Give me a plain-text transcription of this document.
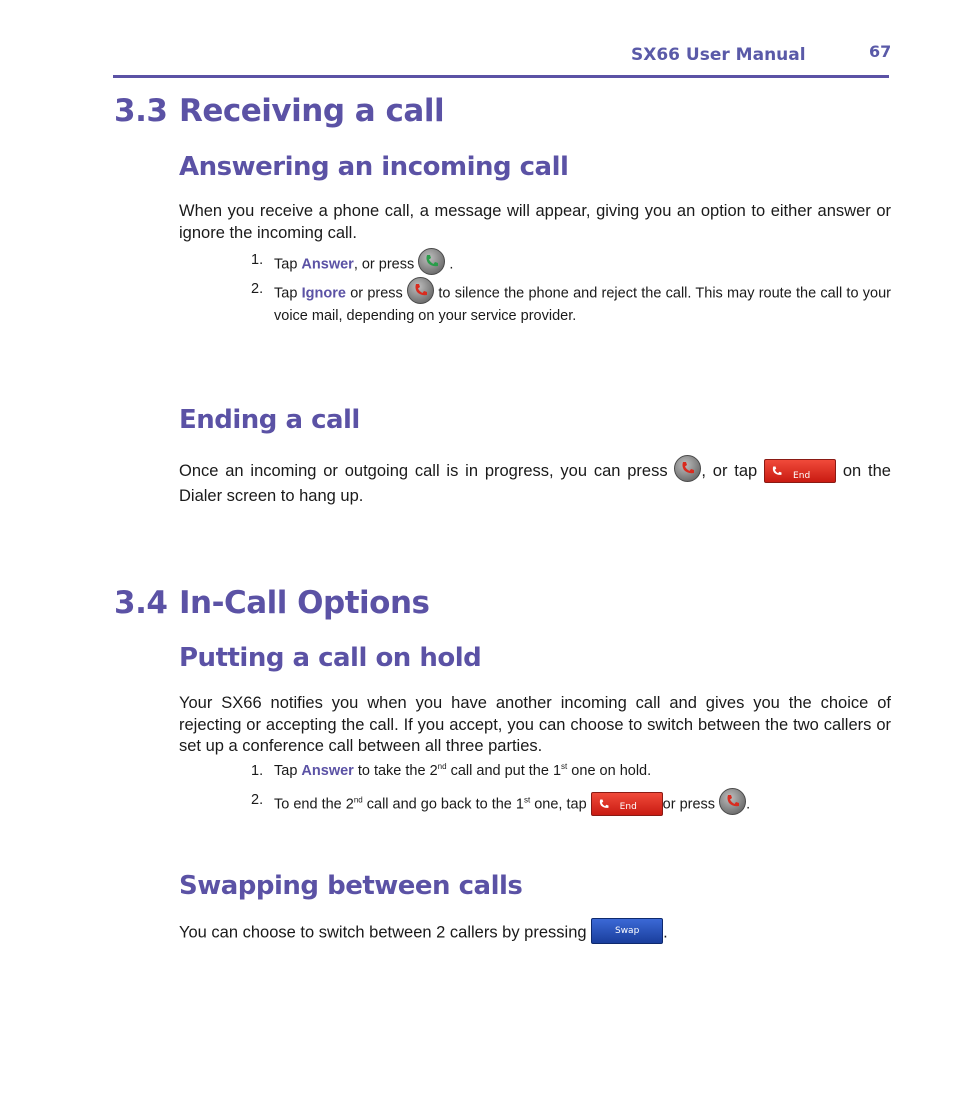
SX66 User Manual	67
3.3 Receiving a call
Answering an incoming call
When you receive a phone call, a message will appear, giving you an option to either answer or ignore the incoming call.
1. Tap Answer, or press .
2. Tap Ignore or press to silence the phone and reject the call. This may route the call to your voice mail, depending on your service provider.
Ending a call
Once an incoming or outgoing call is in progress, you can press , or tap	End on the Dialer screen to hang up.
3.4 In-Call Options
Putting a call on hold
Your SX66 notifies you when you have another incoming call and gives you the choice of rejecting or accepting the call. If you accept, you can choose to switch between the two callers or set up a conference call between all three parties.
1. Tap Answer to take the 2nd call and put the 1st one on hold.
2. To end the 2nd call and go back to the 1st one, tap	End or press .
Swapping between calls
You can choose to switch between 2 callers by pressing	Swap .
